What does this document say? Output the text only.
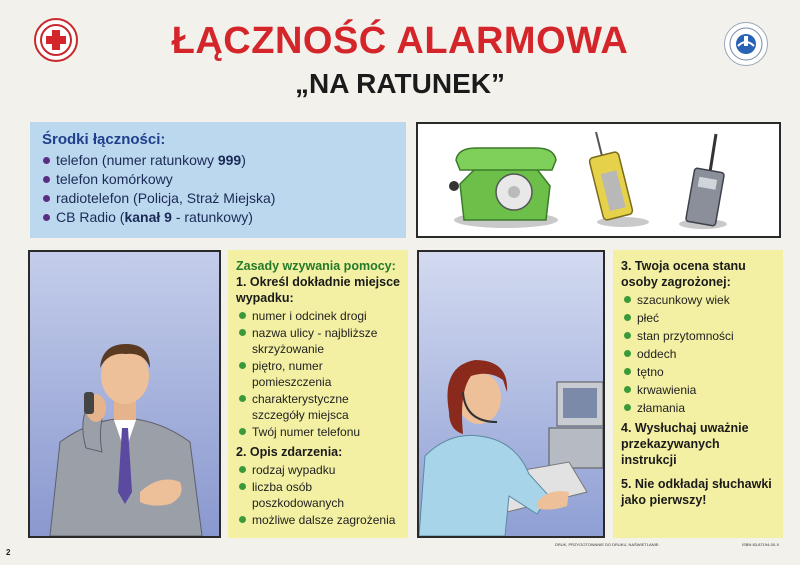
ŁĄCZNOŚĆ ALARMOWA
„NA RATUNEK”
Środki łączności:
telefon (numer ratunkowy 999)
telefon komórkowy
radiotelefon (Policja, Straż Miejska)
CB Radio (kanał 9 - ratunkowy)
Zasady wzywania pomocy:
1. Określ dokładnie miejsce wypadku:
numer i odcinek drogi
nazwa ulicy - najbliższe skrzyżowanie
piętro, numer pomieszczenia
charakterystyczne szczegóły miejsca
Twój numer telefonu
2. Opis zdarzenia:
rodzaj wypadku
liczba osób poszkodowanych
możliwe dalsze zagrożenia
3. Twoja ocena stanu osoby zagrożonej:
szacunkowy wiek
płeć
stan przytomności
oddech
tętno
krwawienia
złamania
4. Wysłuchaj uważnie przekazywanych instrukcji
5. Nie odkładaj słuchawki jako pierwszy!
2
DRUK, PRZYGOTOWANIE DO DRUKU, NAŚWIETLANIE:	ISBN 83-87194-00-X
